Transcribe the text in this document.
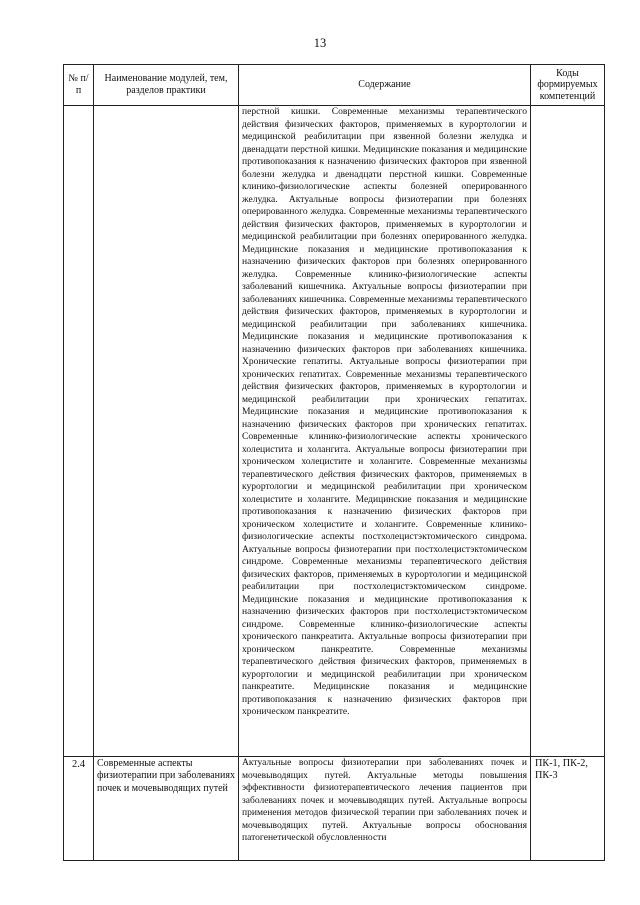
13
№ п/п	Наименование модулей, тем, разделов практики	Содержание	Коды формируемых компетенций

		перстной кишки. Современные механизмы терапевтического действия физических факторов, применяемых в курортологии и медицинской реабилитации при язвенной болезни желудка и двенадцати перстной кишки. Медицинские показания и медицинские противопоказания к назначению физических факторов при язвенной болезни желудка и двенадцати перстной кишки. Современные клинико-физиологические аспекты болезней оперированного желудка. Актуальные вопросы физиотерапии при болезнях оперированного желудка. Современные механизмы терапевтического действия физических факторов, применяемых в курортологии и медицинской реабилитации при болезнях оперированного желудка. Медицинские показания и медицинские противопоказания к назначению физических факторов при болезнях оперированного желудка. Современные клинико-физиологические аспекты заболеваний кишечника. Актуальные вопросы физиотерапии при заболеваниях кишечника. Современные механизмы терапевтического действия физических факторов, применяемых в курортологии и медицинской реабилитации при заболеваниях кишечника. Медицинские показания и медицинские противопоказания к назначению физических факторов при заболеваниях кишечника. Хронические гепатиты. Актуальные вопросы физиотерапии при хронических гепатитах. Современные механизмы терапевтического действия физических факторов, применяемых в курортологии и медицинской реабилитации при хронических гепатитах. Медицинские показания и медицинские противопоказания к назначению физических факторов при хронических гепатитах. Современные клинико-физиологические аспекты хронического холецистита и холангита. Актуальные вопросы физиотерапии при хроническом холецистите и холангите. Современные механизмы терапевтического действия физических факторов, применяемых в курортологии и медицинской реабилитации при хроническом холецистите и холангите. Медицинские показания и медицинские противопоказания к назначению физических факторов при хроническом холецистите и холангите. Современные клинико-физиологические аспекты постхолецистэктомического синдрома. Актуальные вопросы физиотерапии при постхолецистэктомическом синдроме. Современные механизмы терапевтического действия физических факторов, применяемых в курортологии и медицинской реабилитации при постхолецистэктомическом синдроме. Медицинские показания и медицинские противопоказания к назначению физических факторов при постхолецистэктомическом синдроме. Современные клинико-физиологические аспекты хронического панкреатита. Актуальные вопросы физиотерапии при хроническом панкреатите. Современные механизмы терапевтического действия физических факторов, применяемых в курортологии и медицинской реабилитации при хроническом панкреатите. Медицинские показания и медицинские противопоказания к назначению физических факторов при хроническом панкреатите.	

2.4	Современные аспекты физиотерапии при заболеваниях почек и мочевыводящих путей	Актуальные вопросы физиотерапии при заболеваниях почек и мочевыводящих путей. Актуальные методы повышения эффективности физиотерапевтического лечения пациентов при заболеваниях почек и мочевыводящих путей. Актуальные вопросы применения методов физической терапии при заболеваниях почек и мочевыводящих путей. Актуальные вопросы обоснования патогенетической обусловленности	ПК-1, ПК-2, ПК-3
